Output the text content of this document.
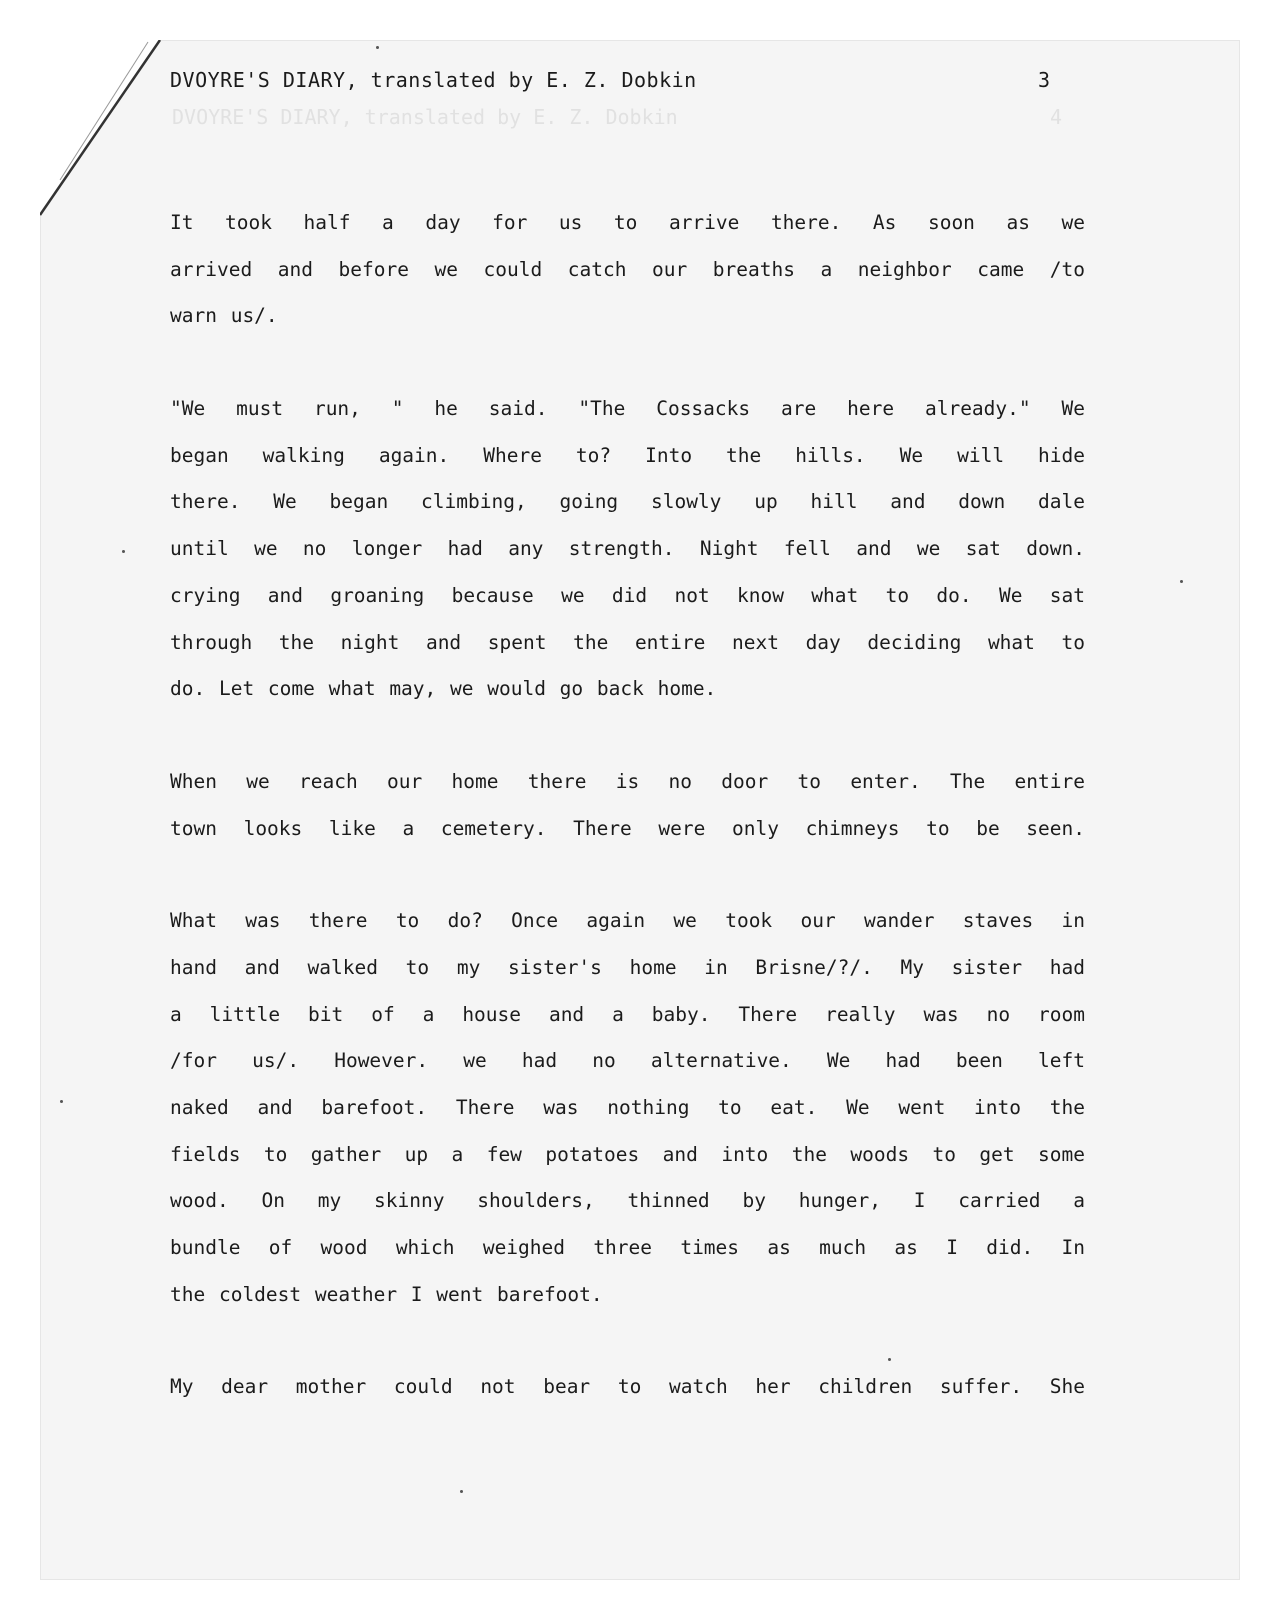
DVOYRE'S DIARY, translated by E. Z. Dobkin	4
DVOYRE'S DIARY, translated by E. Z. Dobkin	3
It took half a day for us to arrive there. As soon as we
arrived and before we could catch our breaths a neighbor came /to
warn us/.
"We must run, " he said. "The Cossacks are here already." We
began walking again. Where to? Into the hills. We will hide
there. We began climbing, going slowly up hill and down dale
until we no longer had any strength. Night fell and we sat down.
crying and groaning because we did not know what to do. We sat
through the night and spent the entire next day deciding what to
do. Let come what may, we would go back home.
When we reach our home there is no door to enter. The entire
town looks like a cemetery. There were only chimneys to be seen.
What was there to do? Once again we took our wander staves in
hand and walked to my sister's home in Brisne/?/. My sister had
a little bit of a house and a baby. There really was no room
/for us/. However. we had no alternative. We had been left
naked and barefoot. There was nothing to eat. We went into the
fields to gather up a few potatoes and into the woods to get some
wood. On my skinny shoulders, thinned by hunger, I carried a
bundle of wood which weighed three times as much as I did. In
the coldest weather I went barefoot.
My dear mother could not bear to watch her children suffer. She
